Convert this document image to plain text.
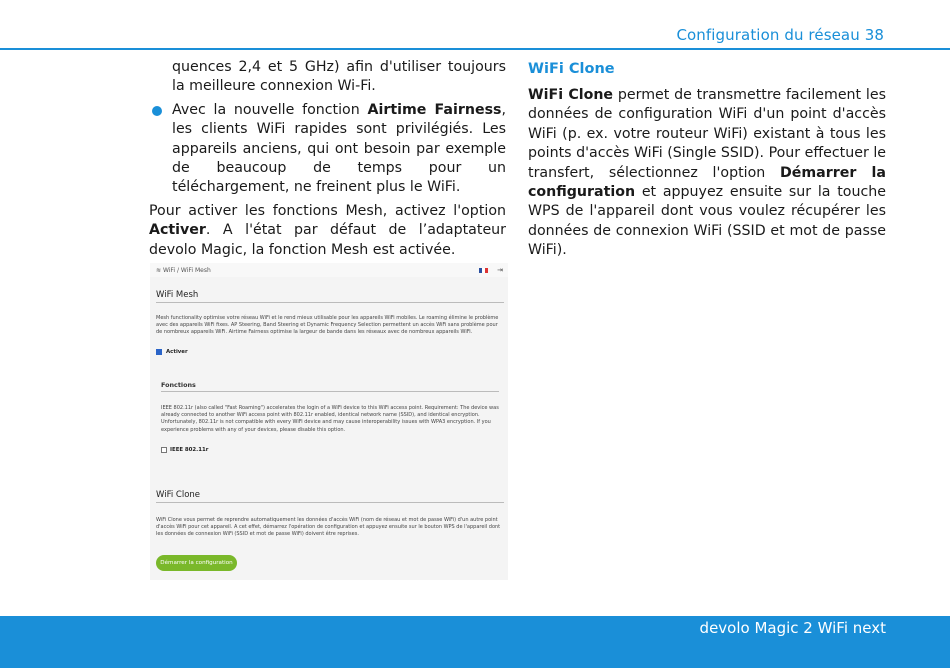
Configuration du réseau 38

quences 2,4 et 5 GHz) afin d'utiliser toujours la meilleure connexion Wi-Fi.

Avec la nouvelle fonction Airtime Fairness, les clients WiFi rapides sont privilégiés. Les appareils anciens, qui ont besoin par exemple de beaucoup de temps pour un téléchargement, ne freinent plus le WiFi.

Pour activer les fonctions Mesh, activez l'option Activer. A l'état par défaut de l’adaptateur devolo Magic, la fonction Mesh est activée.

WiFi Clone

WiFi Clone permet de transmettre facilement les données de configuration WiFi d'un point d'accès WiFi (p. ex. votre routeur WiFi) existant à tous les points d'accès WiFi (Single SSID). Pour effectuer le transfert, sélectionnez l'option Démarrer la configuration et appuyez ensuite sur la touche WPS de l'appareil dont vous voulez récupérer les données de connexion WiFi (SSID et mot de passe WiFi).

≋ WiFi / WiFi Mesh	⇥
WiFi Mesh
Mesh functionality optimise votre réseau WiFi et le rend mieux utilisable pour les appareils WiFi mobiles. Le roaming élimine le problème avec des appareils WiFi fixes. AP Steering, Band Steering et Dynamic Frequency Selection permettent un accès WiFi sans problème pour de nombreux appareils WiFi. Airtime Fairness optimise la largeur de bande dans les réseaux avec de nombreux appareils WiFi.
Activer
Fonctions
IEEE 802.11r (also called "Fast Roaming") accelerates the login of a WiFi device to this WiFi access point. Requirement: The device was already connected to another WiFi access point with 802.11r enabled, identical network name (SSID), and identical encryption. Unfortunately, 802.11r is not compatible with every WiFi device and may cause interoperability issues with WPA3 encryption. If you experience problems with any of your devices, please disable this option.
IEEE 802.11r
WiFi Clone
WiFi Clone vous permet de reprendre automatiquement les données d'accès WiFi (nom de réseau et mot de passe WiFi) d'un autre point d'accès WiFi pour cet appareil. A cet effet, démarrez l'opération de configuration et appuyez ensuite sur le bouton WPS de l'appareil dont les données de connexion WiFi (SSID et mot de passe WiFi) doivent être reprises.
Démarrer la configuration
devolo Magic 2 WiFi next
